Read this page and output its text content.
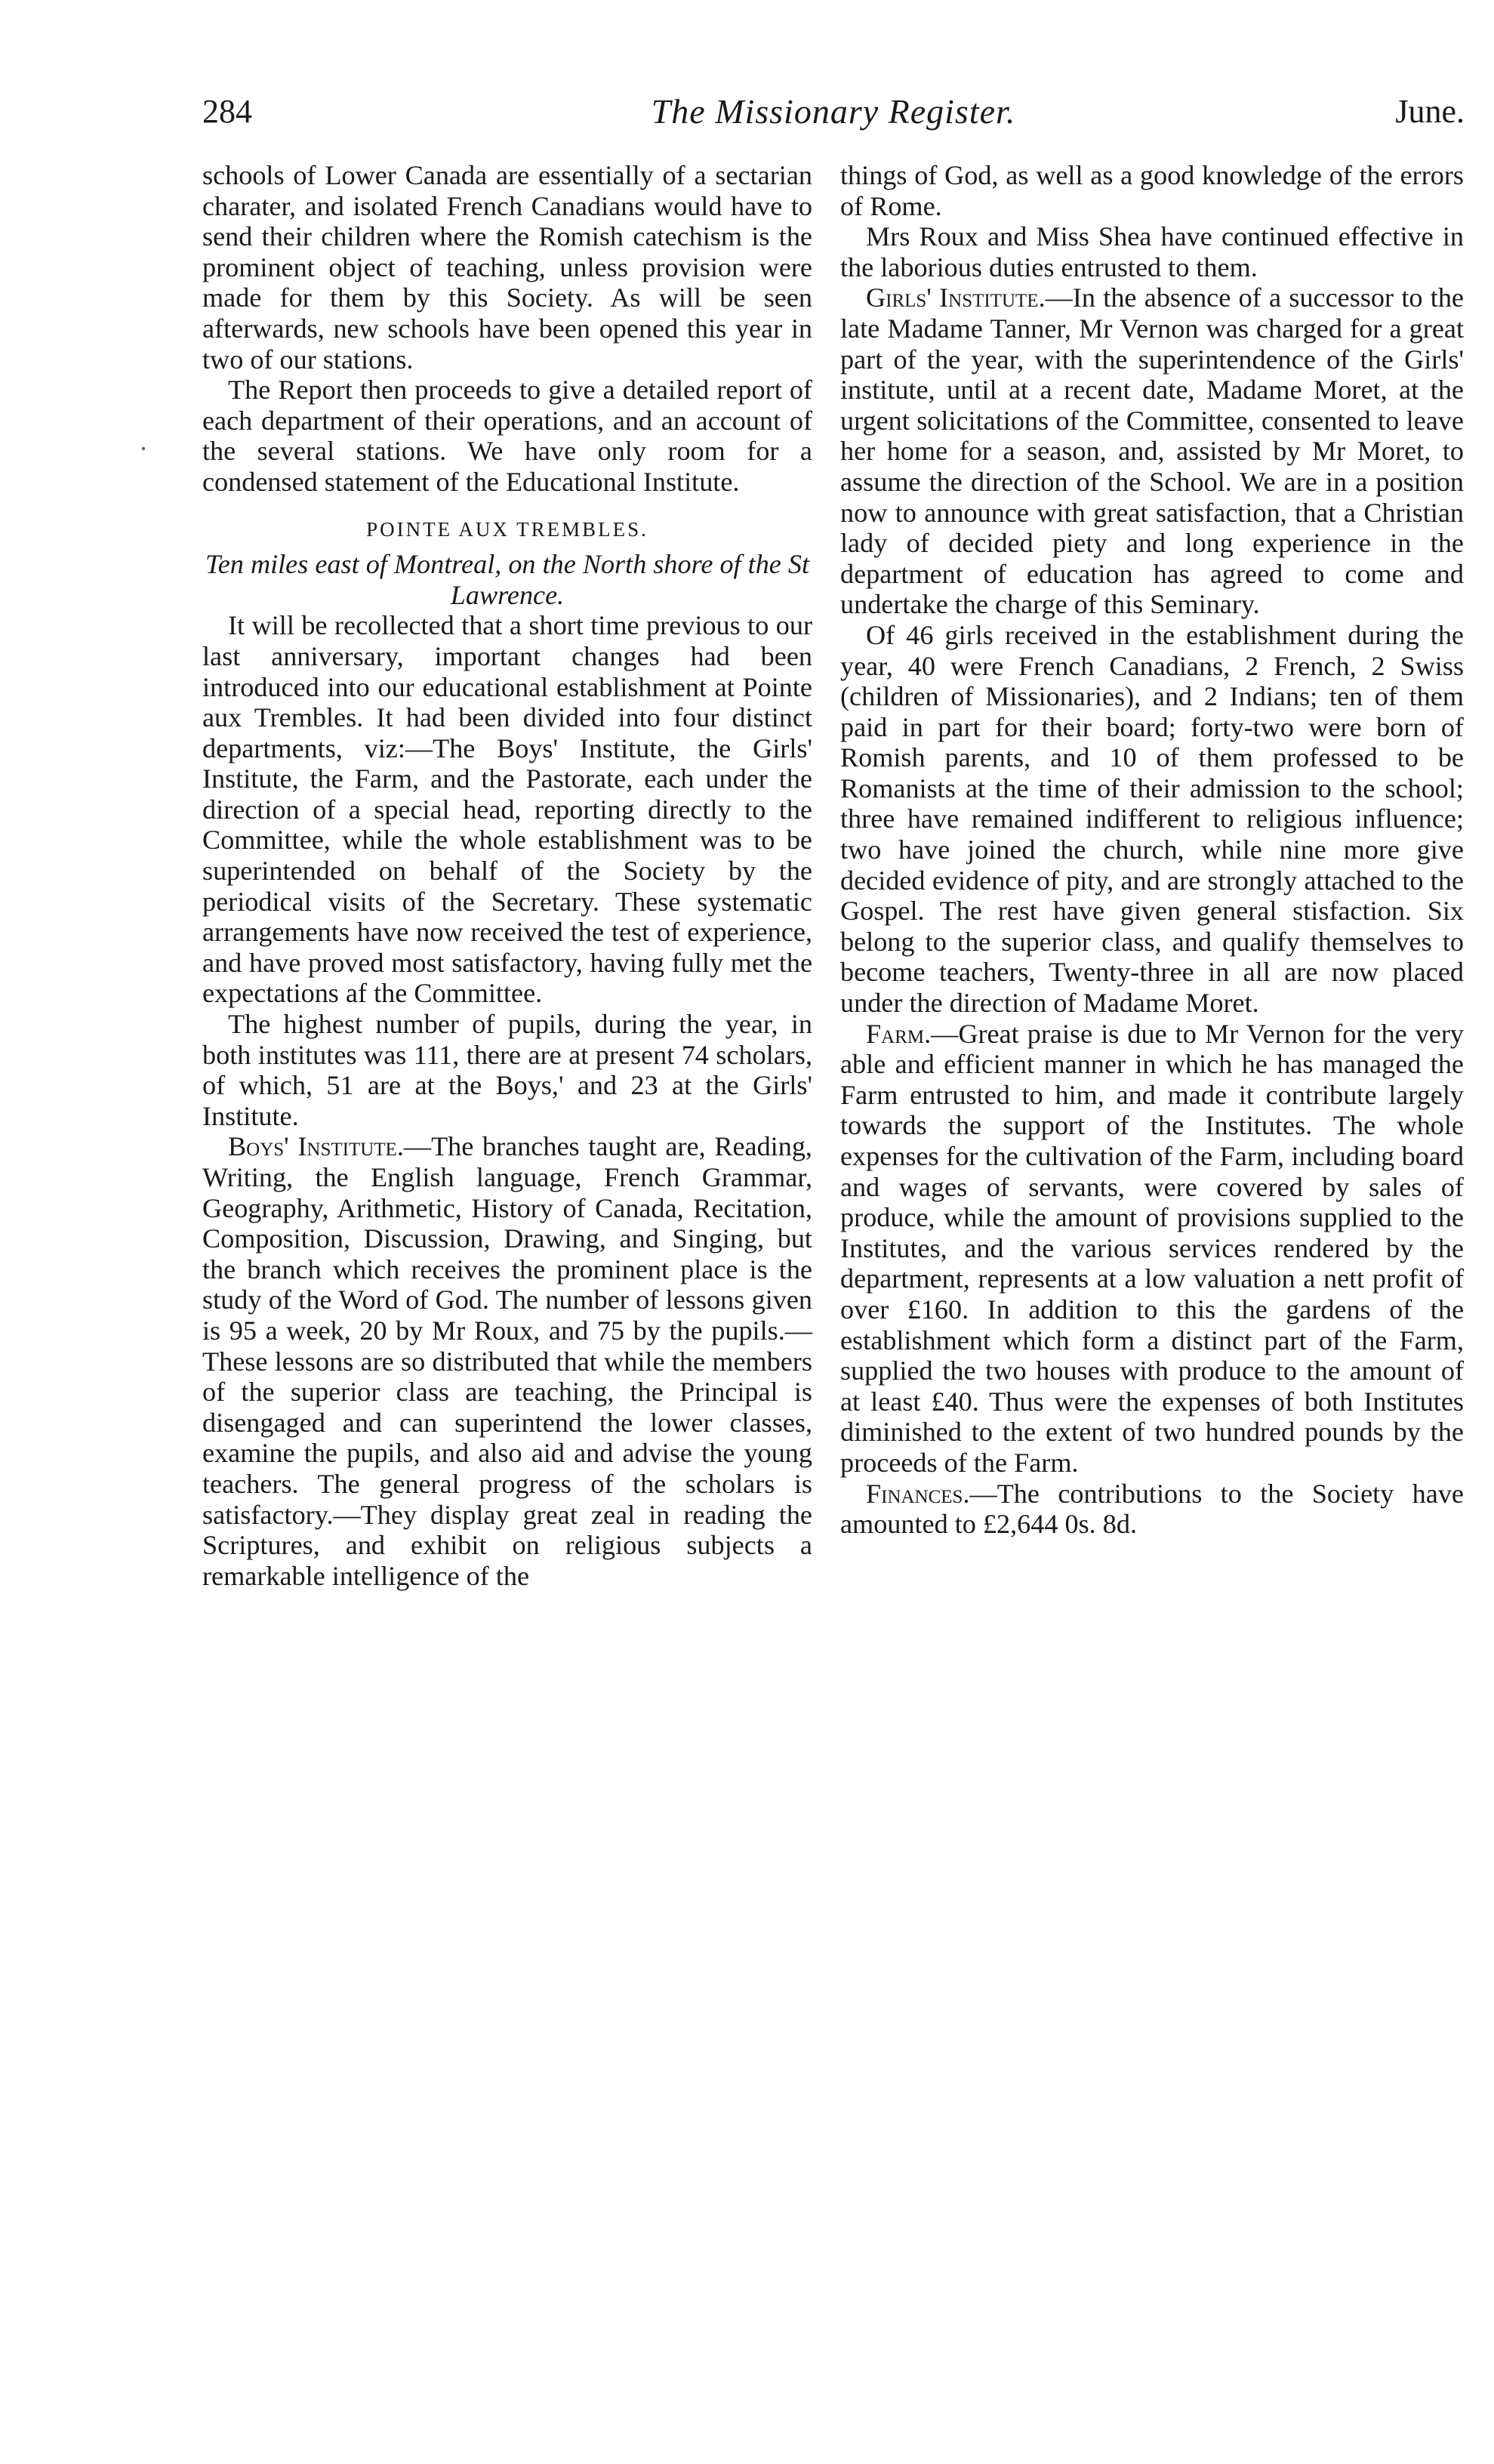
284	The Missionary Register.	June.

schools of Lower Canada are essentially of a sectarian charater, and isolated French Canadians would have to send their children where the Romish catechism is the prominent object of teaching, unless provision were made for them by this Society. As will be seen afterwards, new schools have been opened this year in two of our stations.

The Report then proceeds to give a detailed report of each department of their operations, and an account of the several stations. We have only room for a condensed statement of the Educational Institute.

POINTE AUX TREMBLES.

Ten miles east of Montreal, on the North shore of the St Lawrence.

It will be recollected that a short time previous to our last anniversary, important changes had been introduced into our educational establishment at Pointe aux Trembles. It had been divided into four distinct departments, viz:—The Boys' Institute, the Girls' Institute, the Farm, and the Pastorate, each under the direction of a special head, reporting directly to the Committee, while the whole establishment was to be superintended on behalf of the Society by the periodical visits of the Secretary. These systematic arrangements have now received the test of experience, and have proved most satisfactory, having fully met the expectations af the Committee.

The highest number of pupils, during the year, in both institutes was 111, there are at present 74 scholars, of which, 51 are at the Boys,' and 23 at the Girls' Institute.

Boys' Institute.—The branches taught are, Reading, Writing, the English language, French Grammar, Geography, Arithmetic, History of Canada, Recitation, Composition, Discussion, Drawing, and Singing, but the branch which receives the prominent place is the study of the Word of God. The number of lessons given is 95 a week, 20 by Mr Roux, and 75 by the pupils.—These lessons are so distributed that while the members of the superior class are teaching, the Principal is disengaged and can superintend the lower classes, examine the pupils, and also aid and advise the young teachers. The general progress of the scholars is satisfactory.—They display great zeal in reading the Scriptures, and exhibit on religious subjects a remarkable intelligence of the

things of God, as well as a good knowledge of the errors of Rome.

Mrs Roux and Miss Shea have continued effective in the laborious duties entrusted to them.

Girls' Institute.—In the absence of a successor to the late Madame Tanner, Mr Vernon was charged for a great part of the year, with the superintendence of the Girls' institute, until at a recent date, Madame Moret, at the urgent solicitations of the Committee, consented to leave her home for a season, and, assisted by Mr Moret, to assume the direction of the School. We are in a position now to announce with great satisfaction, that a Christian lady of decided piety and long experience in the department of education has agreed to come and undertake the charge of this Seminary.

Of 46 girls received in the establishment during the year, 40 were French Canadians, 2 French, 2 Swiss (children of Missionaries), and 2 Indians; ten of them paid in part for their board; forty-two were born of Romish parents, and 10 of them professed to be Romanists at the time of their admission to the school; three have remained indifferent to religious influence; two have joined the church, while nine more give decided evidence of pity, and are strongly attached to the Gospel. The rest have given general stisfaction. Six belong to the superior class, and qualify themselves to become teachers, Twenty-three in all are now placed under the direction of Madame Moret.

Farm.—Great praise is due to Mr Vernon for the very able and efficient manner in which he has managed the Farm entrusted to him, and made it contribute largely towards the support of the Institutes. The whole expenses for the cultivation of the Farm, including board and wages of servants, were covered by sales of produce, while the amount of provisions supplied to the Institutes, and the various services rendered by the department, represents at a low valuation a nett profit of over £160. In addition to this the gardens of the establishment which form a distinct part of the Farm, supplied the two houses with produce to the amount of at least £40. Thus were the expenses of both Institutes diminished to the extent of two hundred pounds by the proceeds of the Farm.

Finances.—The contributions to the Society have amounted to £2,644 0s. 8d.
